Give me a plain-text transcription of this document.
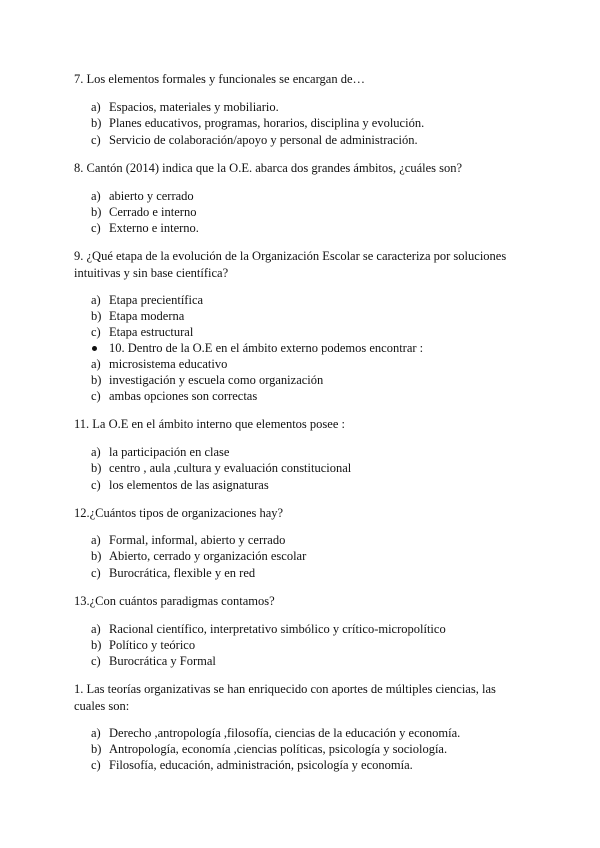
7. Los elementos formales y funcionales se encargan de…
a) Espacios, materiales y mobiliario.
b) Planes educativos, programas, horarios, disciplina y evolución.
c) Servicio de colaboración/apoyo y personal de administración.
8. Cantón (2014) indica que la O.E. abarca dos grandes ámbitos, ¿cuáles son?
a) abierto y cerrado
b) Cerrado e interno
c) Externo e interno.
9. ¿Qué etapa de la evolución de la Organización Escolar se caracteriza por soluciones intuitivas y sin base científica?
a) Etapa precientífica
b) Etapa moderna
c) Etapa estructural
10. Dentro de la O.E en el ámbito externo podemos encontrar :
a) microsistema educativo
b) investigación y escuela como organización
c) ambas opciones son correctas
11. La O.E en el ámbito interno que elementos posee :
a) la participación en clase
b) centro , aula ,cultura y evaluación constitucional
c) los elementos de las asignaturas
12.¿Cuántos tipos de organizaciones hay?
a) Formal, informal, abierto y cerrado
b) Abierto, cerrado y organización escolar
c) Burocrática, flexible y en red
13.¿Con cuántos paradigmas contamos?
a) Racional científico, interpretativo simbólico y crítico-micropolítico
b) Político y teórico
c) Burocrática y Formal
1. Las teorías organizativas se han enriquecido con aportes de múltiples ciencias, las cuales son:
a) Derecho ,antropología ,filosofía, ciencias de la educación y economía.
b) Antropología, economía ,ciencias políticas, psicología y sociología.
c) Filosofía, educación, administración, psicología y economía.
